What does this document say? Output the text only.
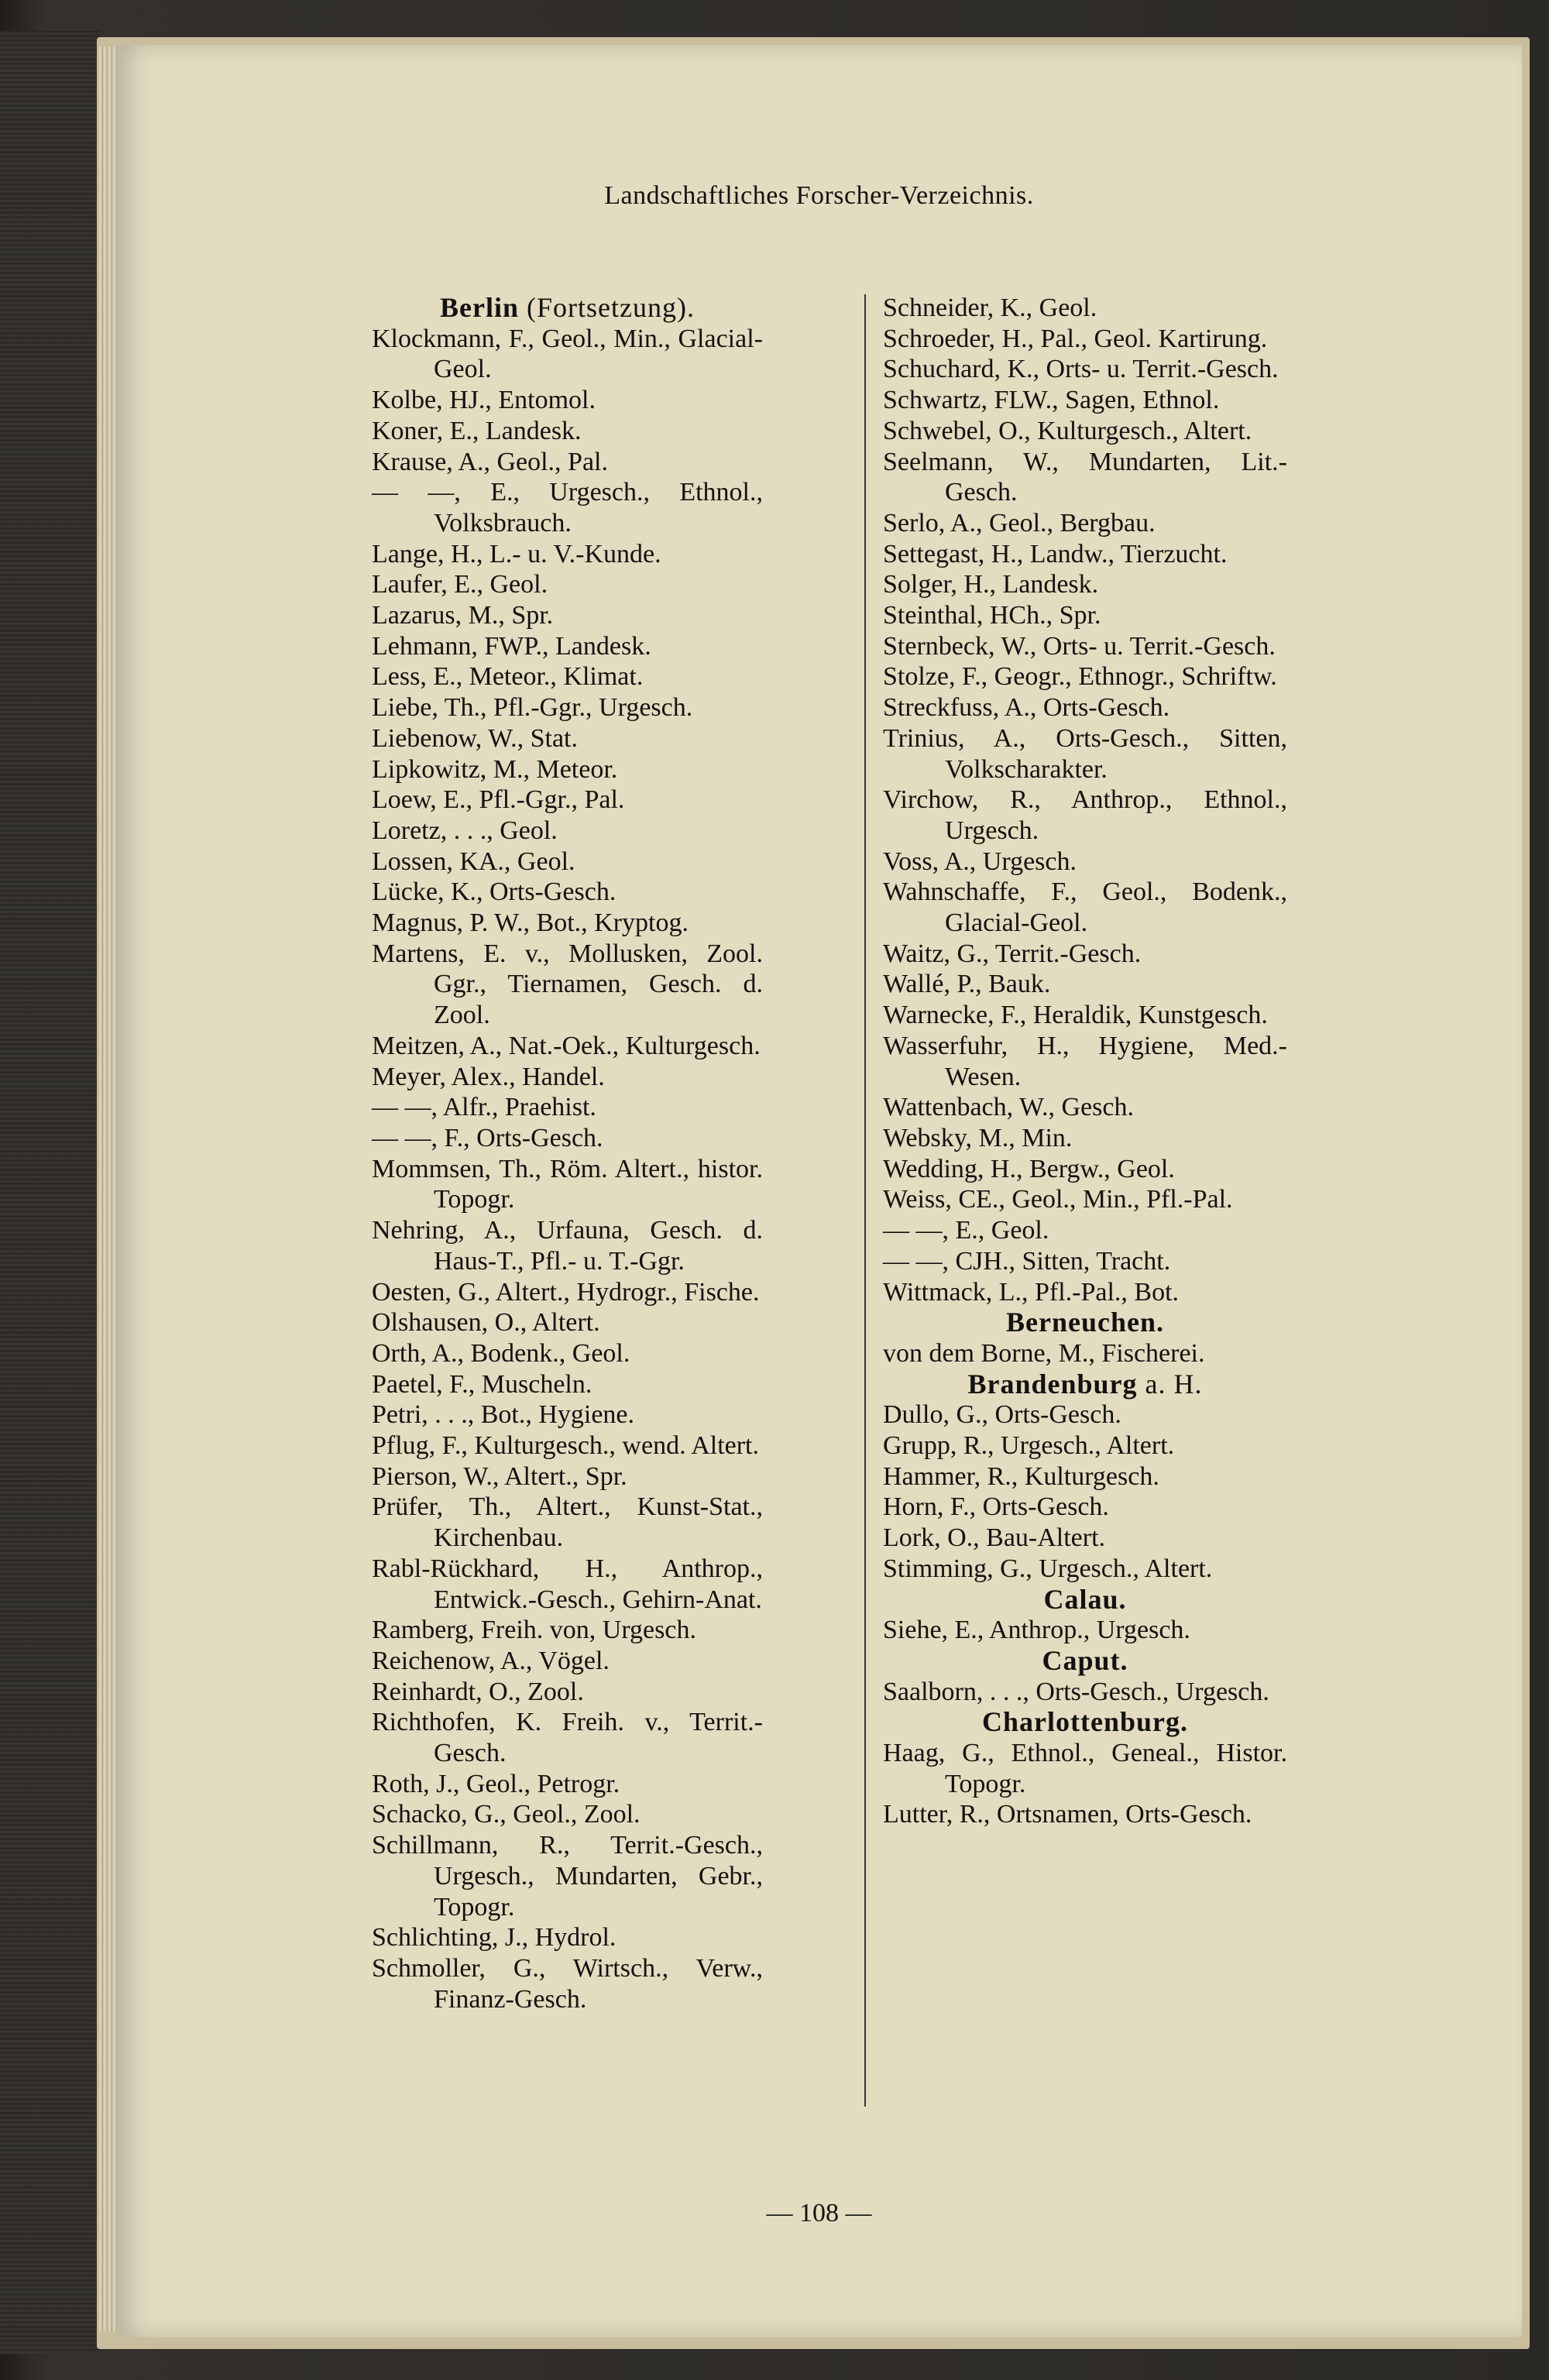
Landschaftliches Forscher-Verzeichnis.
Berlin (Fortsetzung).

Klockmann, F., Geol., Min., Glacial-Geol.

Kolbe, HJ., Entomol.

Koner, E., Landesk.

Krause, A., Geol., Pal.

— —, E., Urgesch., Ethnol., Volksbrauch.

Lange, H., L.- u. V.-Kunde.

Laufer, E., Geol.

Lazarus, M., Spr.

Lehmann, FWP., Landesk.

Less, E., Meteor., Klimat.

Liebe, Th., Pfl.-Ggr., Urgesch.

Liebenow, W., Stat.

Lipkowitz, M., Meteor.

Loew, E., Pfl.-Ggr., Pal.

Loretz, . . ., Geol.

Lossen, KA., Geol.

Lücke, K., Orts-Gesch.

Magnus, P. W., Bot., Kryptog.

Martens, E. v., Mollusken, Zool. Ggr., Tiernamen, Gesch. d. Zool.

Meitzen, A., Nat.-Oek., Kulturgesch.

Meyer, Alex., Handel.

— —, Alfr., Praehist.

— —, F., Orts-Gesch.

Mommsen, Th., Röm. Altert., histor. Topogr.

Nehring, A., Urfauna, Gesch. d. Haus-T., Pfl.- u. T.-Ggr.

Oesten, G., Altert., Hydrogr., Fische.

Olshausen, O., Altert.

Orth, A., Bodenk., Geol.

Paetel, F., Muscheln.

Petri, . . ., Bot., Hygiene.

Pflug, F., Kulturgesch., wend. Altert.

Pierson, W., Altert., Spr.

Prüfer, Th., Altert., Kunst-Stat., Kirchenbau.

Rabl-Rückhard, H., Anthrop., Entwick.-Gesch., Gehirn-Anat.

Ramberg, Freih. von, Urgesch.

Reichenow, A., Vögel.

Reinhardt, O., Zool.

Richthofen, K. Freih. v., Territ.-Gesch.

Roth, J., Geol., Petrogr.

Schacko, G., Geol., Zool.

Schillmann, R., Territ.-Gesch., Urgesch., Mundarten, Gebr., Topogr.

Schlichting, J., Hydrol.

Schmoller, G., Wirtsch., Verw., Finanz-Gesch.

Schneider, K., Geol.

Schroeder, H., Pal., Geol. Kartirung.

Schuchard, K., Orts- u. Territ.-Gesch.

Schwartz, FLW., Sagen, Ethnol.

Schwebel, O., Kulturgesch., Altert.

Seelmann, W., Mundarten, Lit.-Gesch.

Serlo, A., Geol., Bergbau.

Settegast, H., Landw., Tierzucht.

Solger, H., Landesk.

Steinthal, HCh., Spr.

Sternbeck, W., Orts- u. Territ.-Gesch.

Stolze, F., Geogr., Ethnogr., Schriftw.

Streckfuss, A., Orts-Gesch.

Trinius, A., Orts-Gesch., Sitten, Volkscharakter.

Virchow, R., Anthrop., Ethnol., Urgesch.

Voss, A., Urgesch.

Wahnschaffe, F., Geol., Bodenk., Glacial-Geol.

Waitz, G., Territ.-Gesch.

Wallé, P., Bauk.

Warnecke, F., Heraldik, Kunstgesch.

Wasserfuhr, H., Hygiene, Med.-Wesen.

Wattenbach, W., Gesch.

Websky, M., Min.

Wedding, H., Bergw., Geol.

Weiss, CE., Geol., Min., Pfl.-Pal.

— —, E., Geol.

— —, CJH., Sitten, Tracht.

Wittmack, L., Pfl.-Pal., Bot.

Berneuchen.

von dem Borne, M., Fischerei.

Brandenburg a. H.

Dullo, G., Orts-Gesch.

Grupp, R., Urgesch., Altert.

Hammer, R., Kulturgesch.

Horn, F., Orts-Gesch.

Lork, O., Bau-Altert.

Stimming, G., Urgesch., Altert.

Calau.

Siehe, E., Anthrop., Urgesch.

Caput.

Saalborn, . . ., Orts-Gesch., Urgesch.

Charlottenburg.

Haag, G., Ethnol., Geneal., Histor. Topogr.

Lutter, R., Ortsnamen, Orts-Gesch.

— 108 —
